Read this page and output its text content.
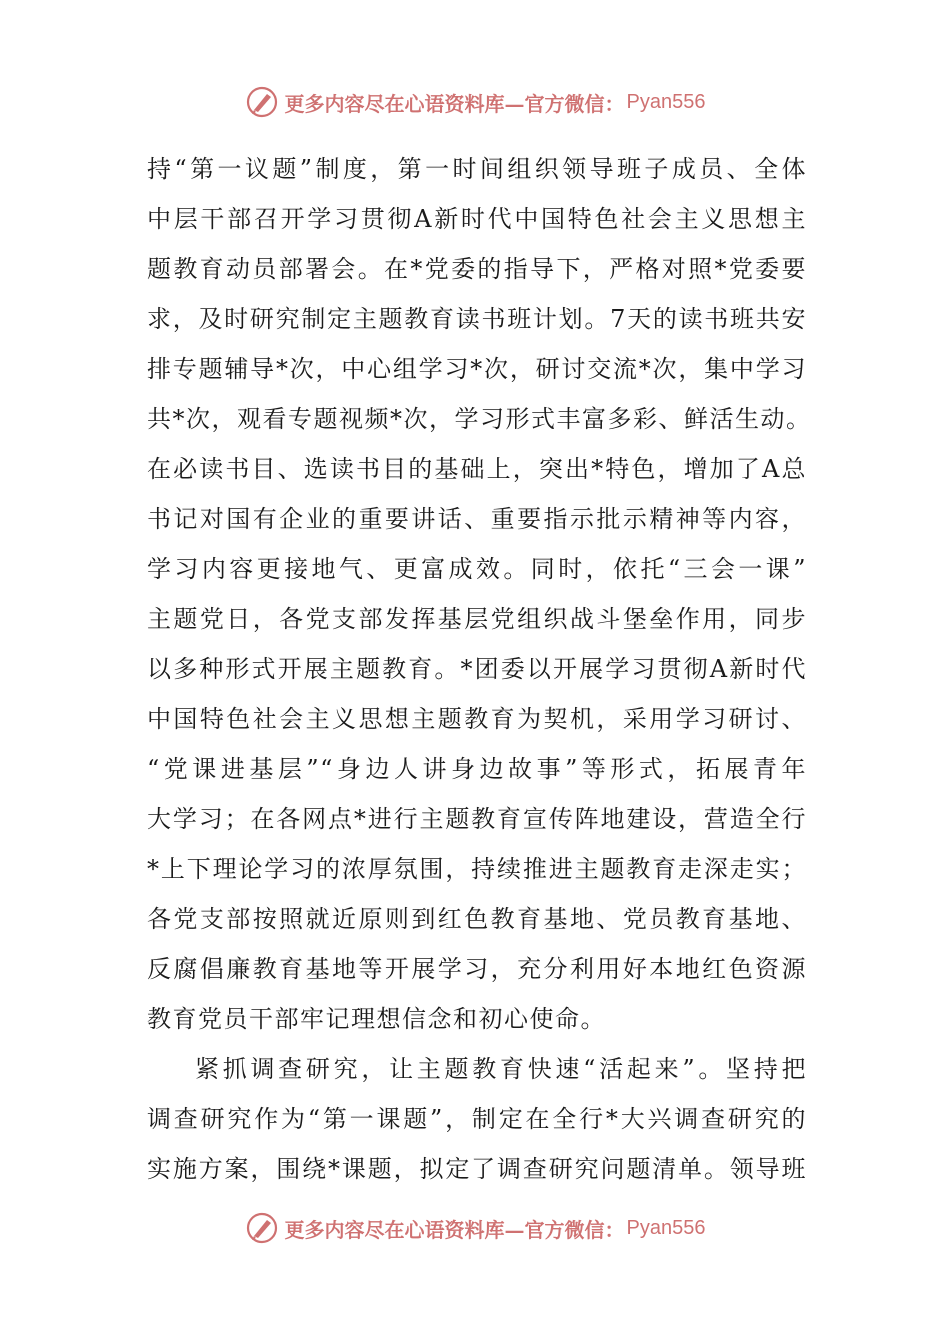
更多内容尽在心语资料库—官方微信： Pyan556
持“第一议题”制度，第一时间组织领导班子成员、全体
中层干部召开学习贯彻A新时代中国特色社会主义思想主
题教育动员部署会。在*党委的指导下，严格对照*党委要
求，及时研究制定主题教育读书班计划。7天的读书班共安
排专题辅导*次，中心组学习*次，研讨交流*次，集中学习
共*次，观看专题视频*次，学习形式丰富多彩、鲜活生动。
在必读书目、选读书目的基础上，突出*特色，增加了A总
书记对国有企业的重要讲话、重要指示批示精神等内容，
学习内容更接地气、更富成效。同时，依托“三会一课”
主题党日，各党支部发挥基层党组织战斗堡垒作用，同步
以多种形式开展主题教育。*团委以开展学习贯彻A新时代
中国特色社会主义思想主题教育为契机，采用学习研讨、
“党课进基层”“身边人讲身边故事”等形式，拓展青年
大学习；在各网点*进行主题教育宣传阵地建设，营造全行
*上下理论学习的浓厚氛围，持续推进主题教育走深走实；
各党支部按照就近原则到红色教育基地、党员教育基地、
反腐倡廉教育基地等开展学习，充分利用好本地红色资源
教育党员干部牢记理想信念和初心使命。
紧抓调查研究，让主题教育快速“活起来”。坚持把
调查研究作为“第一课题”，制定在全行*大兴调查研究的
实施方案，围绕*课题，拟定了调查研究问题清单。领导班
更多内容尽在心语资料库—官方微信： Pyan556
